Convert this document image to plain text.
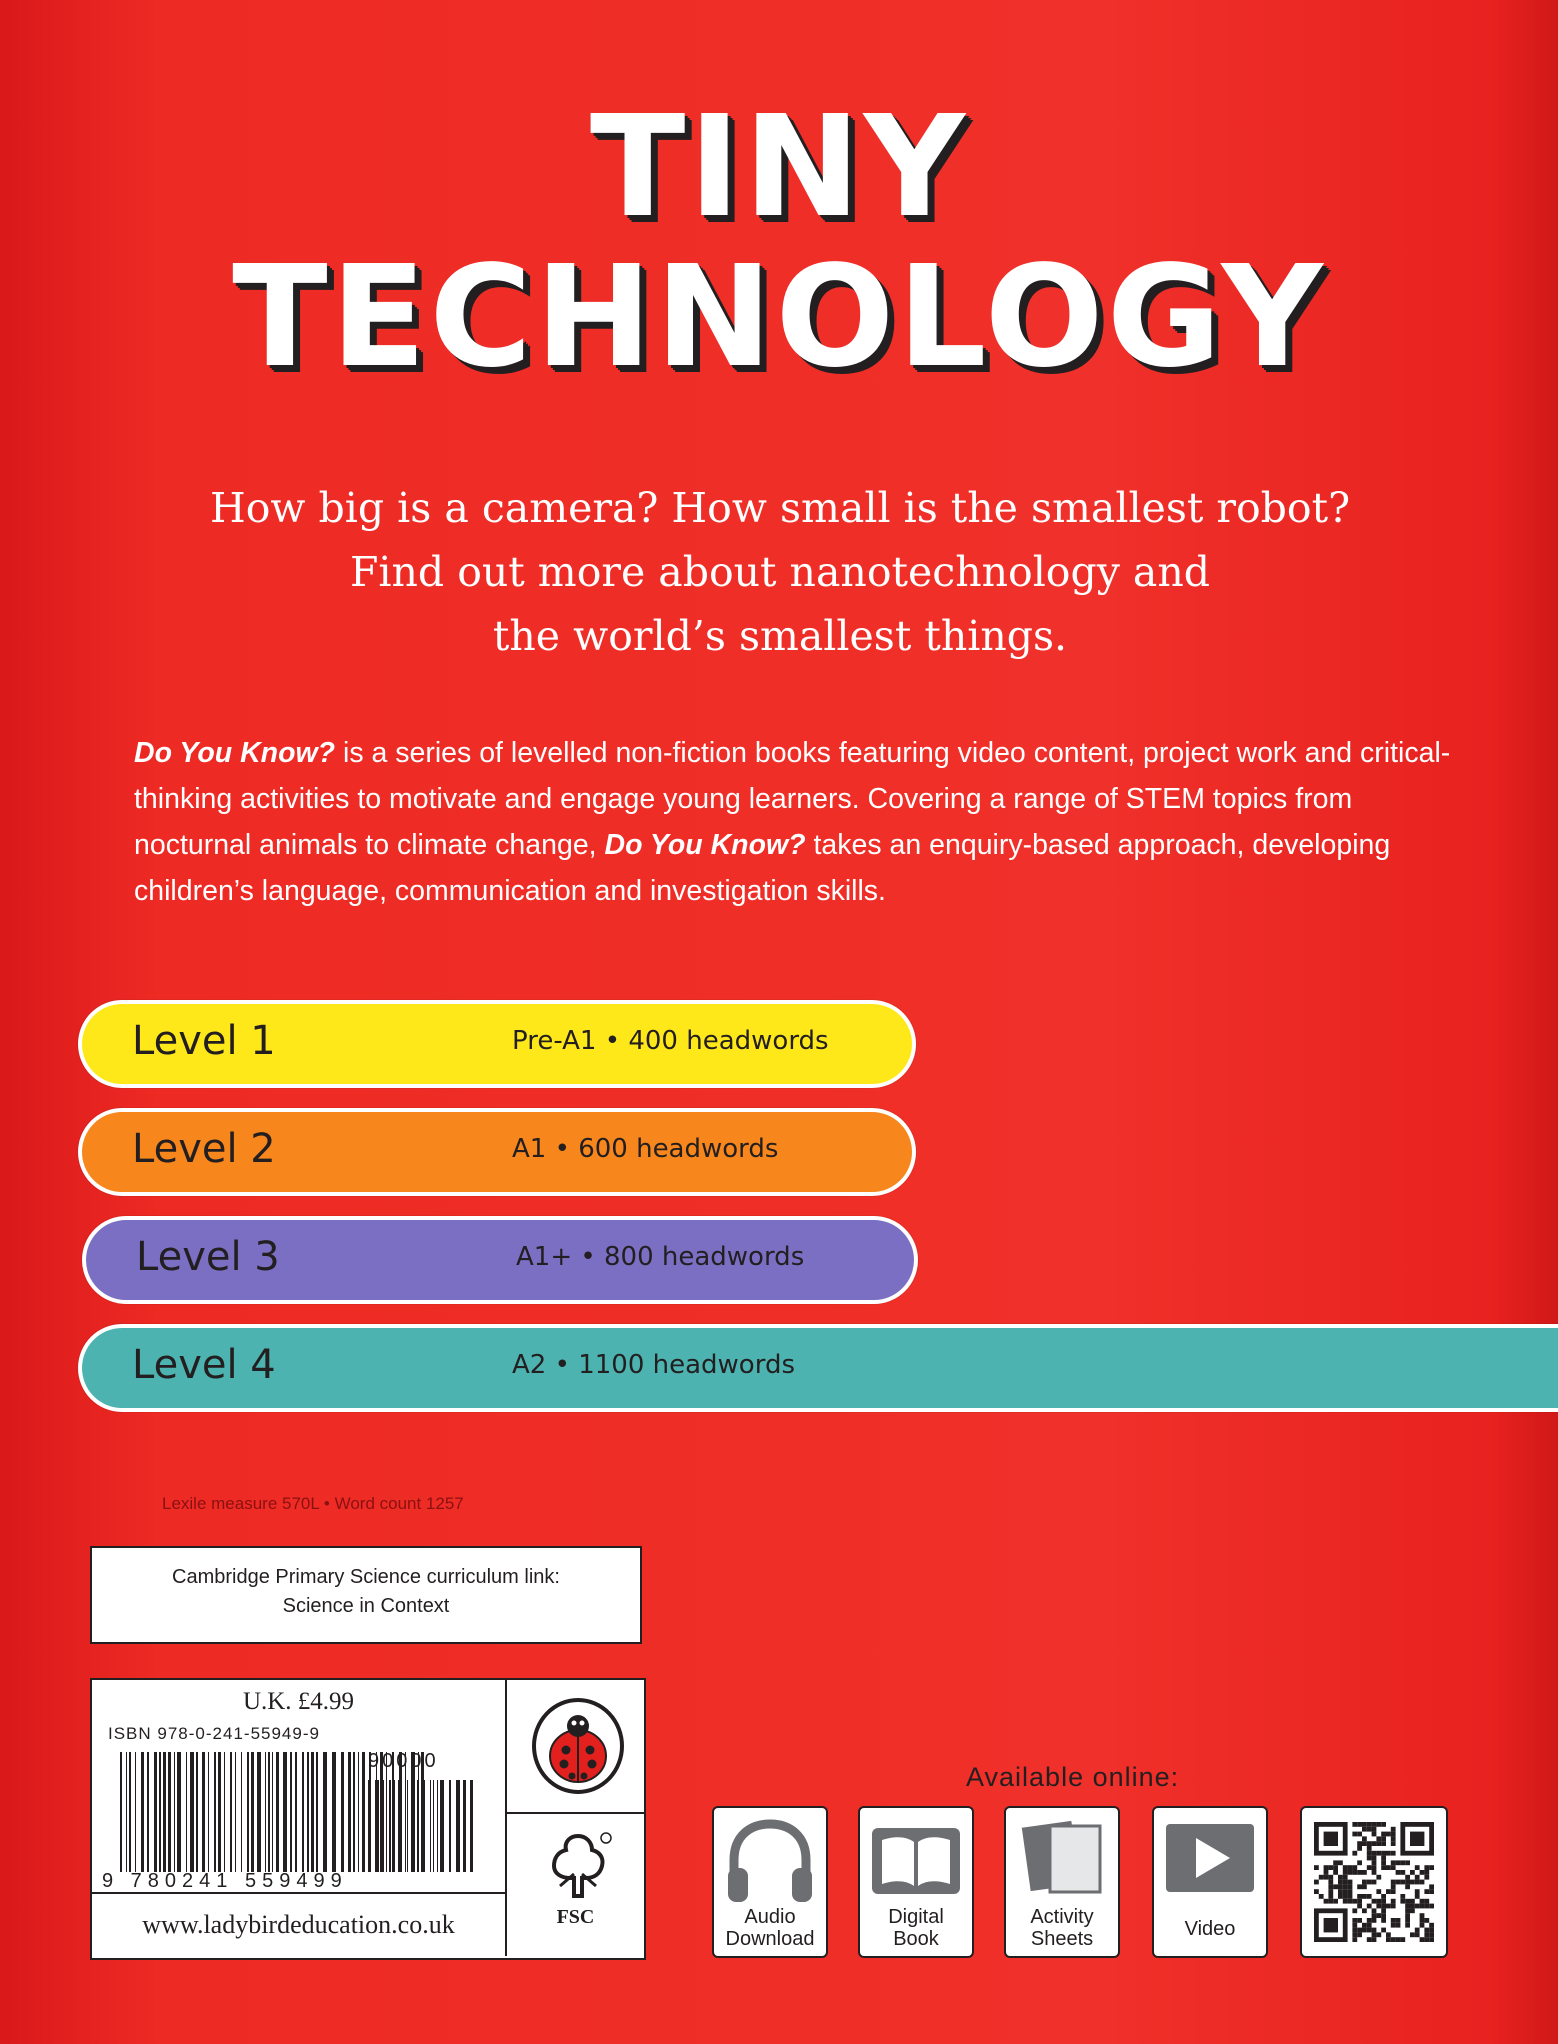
TINY
TECHNOLOGY
How big is a camera? How small is the smallest robot?
Find out more about nanotechnology and
the world’s smallest things.
Do You Know? is a series of levelled non-fiction books featuring video content, project work and critical-thinking activities to motivate and engage young learners. Covering a range of STEM topics from nocturnal animals to climate change, Do You Know? takes an enquiry-based approach, developing children’s language, communication and investigation skills.
Level 1	Pre-A1 • 400 headwords
Level 2	A1 • 600 headwords
Level 3	A1+ • 800 headwords
Level 4	A2 • 1100 headwords
Lexile measure 570L • Word count 1257
Cambridge Primary Science curriculum link:
Science in Context
U.K. £4.99
ISBN 978-0-241-55949-9
90000
9 780241 559499
www.ladybirdeducation.co.uk	FSC
Available online:
Audio
Download
Digital
Book
Activity
Sheets	Video
